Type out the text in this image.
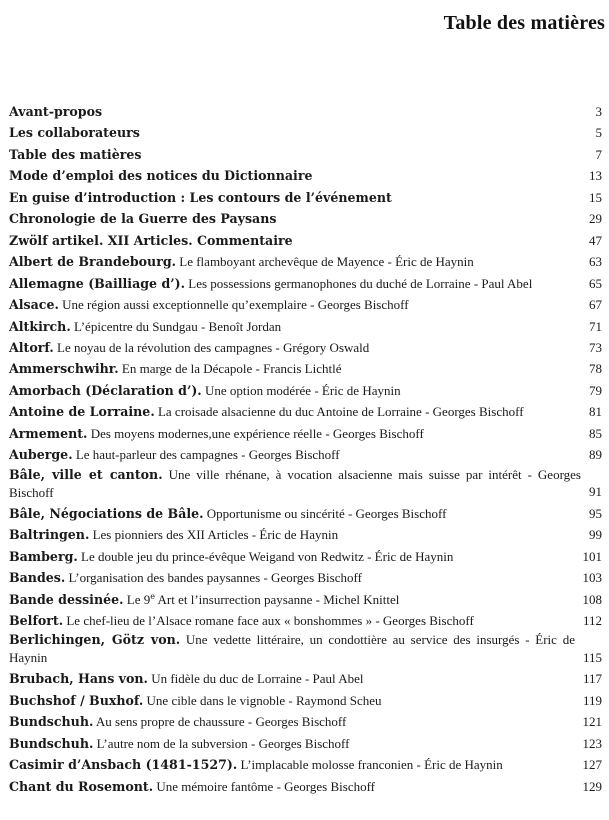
Table des matières
Avant-propos	3
Les collaborateurs	5
Table des matières	7
Mode d’emploi des notices du Dictionnaire	13
En guise d’introduction : Les contours de l’événement	15
Chronologie de la Guerre des Paysans	29
Zwölf artikel. XII Articles. Commentaire	47
Albert de Brandebourg. Le flamboyant archevêque de Mayence - Éric de Haynin	63
Allemagne (Bailliage d’). Les possessions germanophones du duché de Lorraine - Paul Abel	65
Alsace. Une région aussi exceptionnelle qu’exemplaire - Georges Bischoff	67
Altkirch. L’épicentre du Sundgau - Benoît Jordan	71
Altorf. Le noyau de la révolution des campagnes - Grégory Oswald	73
Ammerschwihr. En marge de la Décapole - Francis Lichtlé	78
Amorbach (Déclaration d’). Une option modérée - Éric de Haynin	79
Antoine de Lorraine. La croisade alsacienne du duc Antoine de Lorraine - Georges Bischoff	81
Armement. Des moyens modernes,une expérience réelle - Georges Bischoff	85
Auberge. Le haut-parleur des campagnes - Georges Bischoff	89
Bâle, ville et canton. Une ville rhénane, à vocation alsacienne mais suisse par intérêt - Georges Bischoff	91
Bâle, Négociations de Bâle. Opportunisme ou sincérité - Georges Bischoff	95
Baltringen. Les pionniers des XII Articles - Éric de Haynin	99
Bamberg. Le double jeu du prince-évêque Weigand von Redwitz - Éric de Haynin	101
Bandes. L’organisation des bandes paysannes - Georges Bischoff	103
Bande dessinée. Le 9e Art et l’insurrection paysanne - Michel Knittel	108
Belfort. Le chef-lieu de l’Alsace romane face aux « bonshommes » - Georges Bischoff	112
Berlichingen, Götz von. Une vedette littéraire, un condottière au service des insurgés - Éric de Haynin	115
Brubach, Hans von. Un fidèle du duc de Lorraine - Paul Abel	117
Buchshof / Buxhof. Une cible dans le vignoble - Raymond Scheu	119
Bundschuh. Au sens propre de chaussure - Georges Bischoff	121
Bundschuh. L’autre nom de la subversion - Georges Bischoff	123
Casimir d’Ansbach (1481-1527). L’implacable molosse franconien - Éric de Haynin	127
Chant du Rosemont. Une mémoire fantôme - Georges Bischoff	129
